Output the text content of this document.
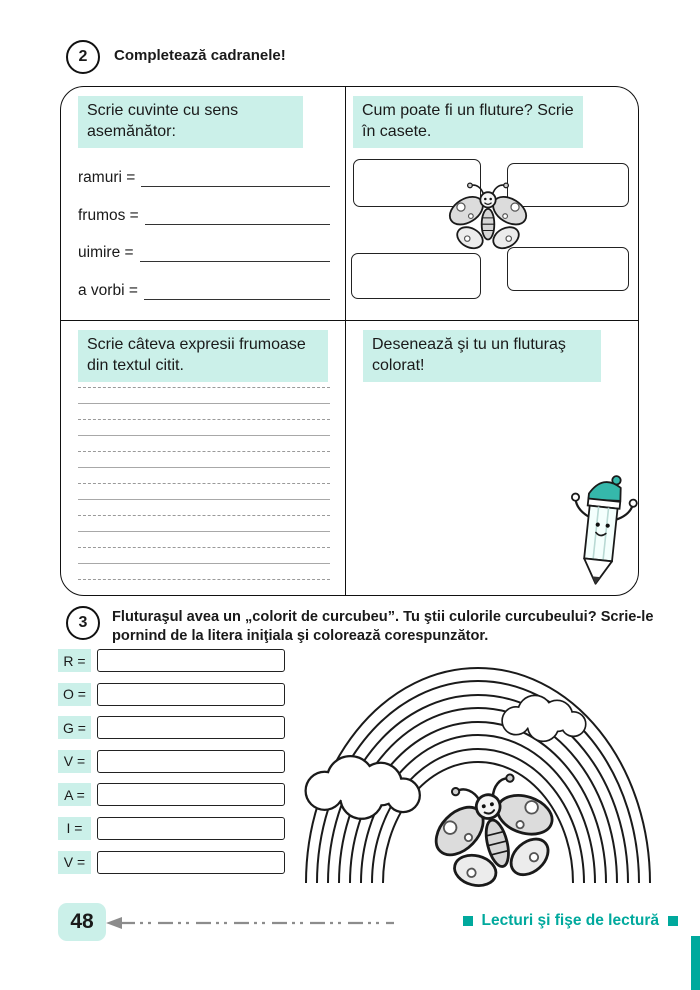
2 Completează cadranele!
Scrie cuvinte cu sens asemănător:
ramuri =
frumos =
uimire =
a vorbi =
Cum poate fi un fluture? Scrie în casete.
Scrie câteva expresii frumoase din textul citit.
Desenează şi tu un fluturaş colorat!
3 Fluturaşul avea un „colorit de curcubeu”. Tu ştii culorile curcubeului? Scrie-le pornind de la litera iniţiala şi colorează corespunzător.
R =
O =
G =
V =
A =
I =
V =
48	Lecturi şi fişe de lectură
